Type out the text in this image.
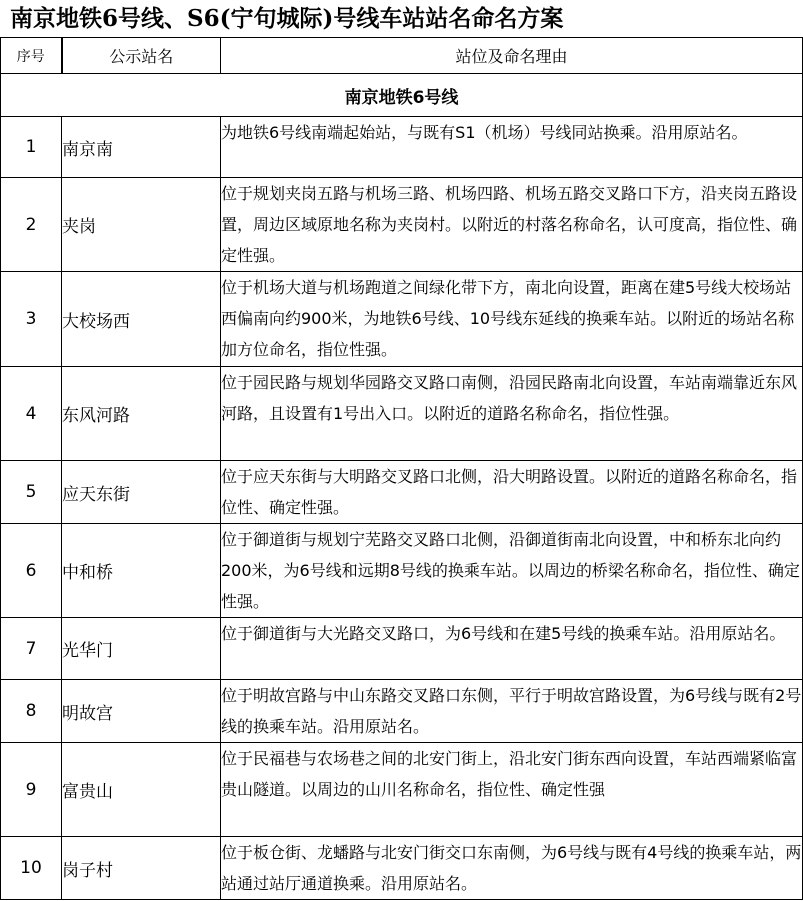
南京地铁6号线、S6(宁句城际)号线车站站名命名方案
序号	公示站名	站位及命名理由
南京地铁6号线		
1	南京南	为地铁6号线南端起始站，与既有S1（机场）号线同站换乘。沿用原站名。
2	夹岗	位于规划夹岗五路与机场三路、机场四路、机场五路交叉路口下方，沿夹岗五路设置，周边区域原地名称为夹岗村。以附近的村落名称命名，认可度高，指位性、确定性强。
3	大校场西	位于机场大道与机场跑道之间绿化带下方，南北向设置，距离在建5号线大校场站西偏南向约900米，为地铁6号线、10号线东延线的换乘车站。以附近的场站名称加方位命名，指位性强。
4	东风河路	位于园民路与规划华园路交叉路口南侧，沿园民路南北向设置，车站南端靠近东风河路，且设置有1号出入口。以附近的道路名称命名，指位性强。
5	应天东街	位于应天东街与大明路交叉路口北侧，沿大明路设置。以附近的道路名称命名，指位性、确定性强。
6	中和桥	位于御道街与规划宁芜路交叉路口北侧，沿御道街南北向设置，中和桥东北向约200米，为6号线和远期8号线的换乘车站。以周边的桥梁名称命名，指位性、确定性强。
7	光华门	位于御道街与大光路交叉路口，为6号线和在建5号线的换乘车站。沿用原站名。
8	明故宫	位于明故宫路与中山东路交叉路口东侧，平行于明故宫路设置，为6号线与既有2号线的换乘车站。沿用原站名。
9	富贵山	位于民福巷与农场巷之间的北安门街上，沿北安门街东西向设置，车站西端紧临富贵山隧道。以周边的山川名称命名，指位性、确定性强
10	岗子村	位于板仓街、龙蟠路与北安门街交口东南侧，为6号线与既有4号线的换乘车站，两站通过站厅通道换乘。沿用原站名。
